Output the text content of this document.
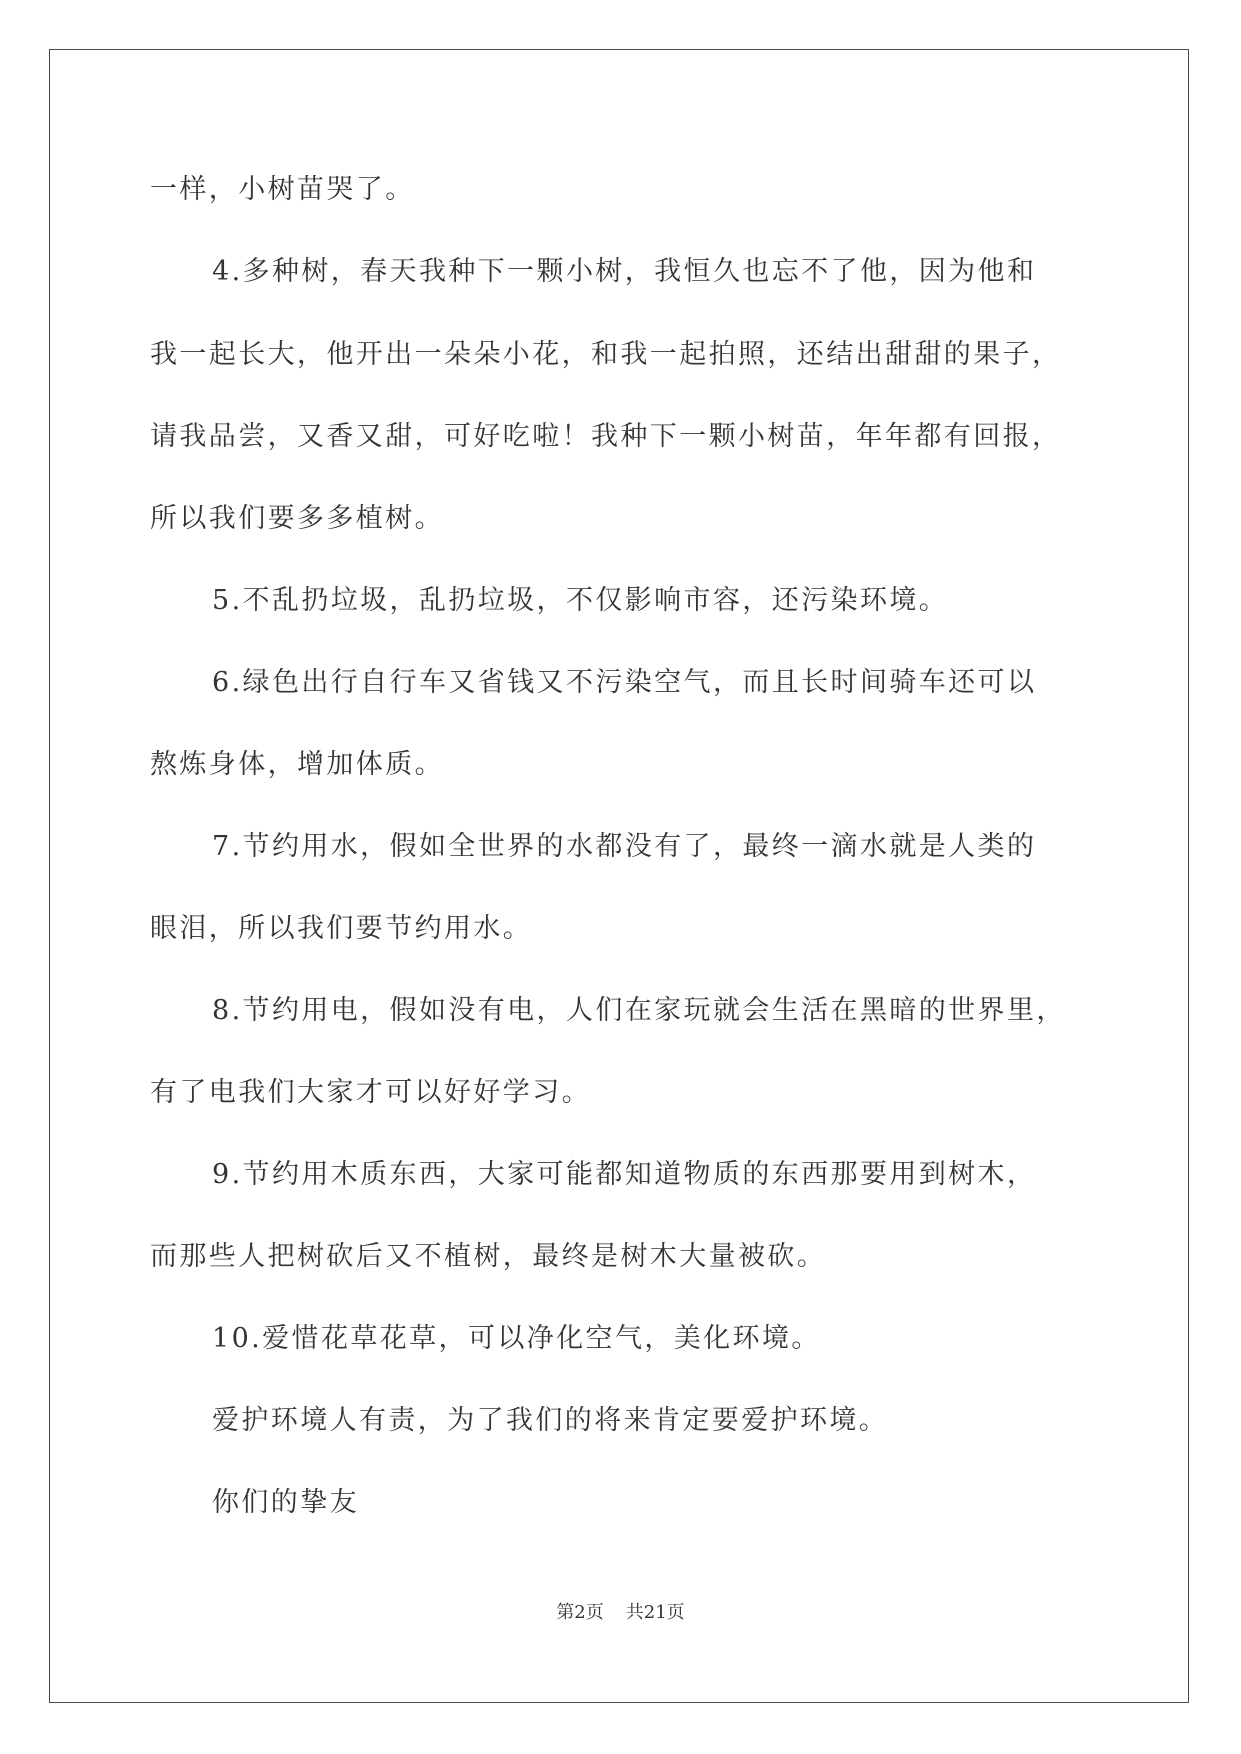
一样，小树苗哭了。
4.多种树，春天我种下一颗小树，我恒久也忘不了他，因为他和
我一起长大，他开出一朵朵小花，和我一起拍照，还结出甜甜的果子，
请我品尝，又香又甜，可好吃啦！我种下一颗小树苗，年年都有回报，
所以我们要多多植树。
5.不乱扔垃圾，乱扔垃圾，不仅影响市容，还污染环境。
6.绿色出行自行车又省钱又不污染空气，而且长时间骑车还可以
熬炼身体，增加体质。
7.节约用水，假如全世界的水都没有了，最终一滴水就是人类的
眼泪，所以我们要节约用水。
8.节约用电，假如没有电，人们在家玩就会生活在黑暗的世界里，
有了电我们大家才可以好好学习。
9.节约用木质东西，大家可能都知道物质的东西那要用到树木，
而那些人把树砍后又不植树，最终是树木大量被砍。
10.爱惜花草花草，可以净化空气，美化环境。
爱护环境人有责，为了我们的将来肯定要爱护环境。
你们的挚友
第2页 共21页
